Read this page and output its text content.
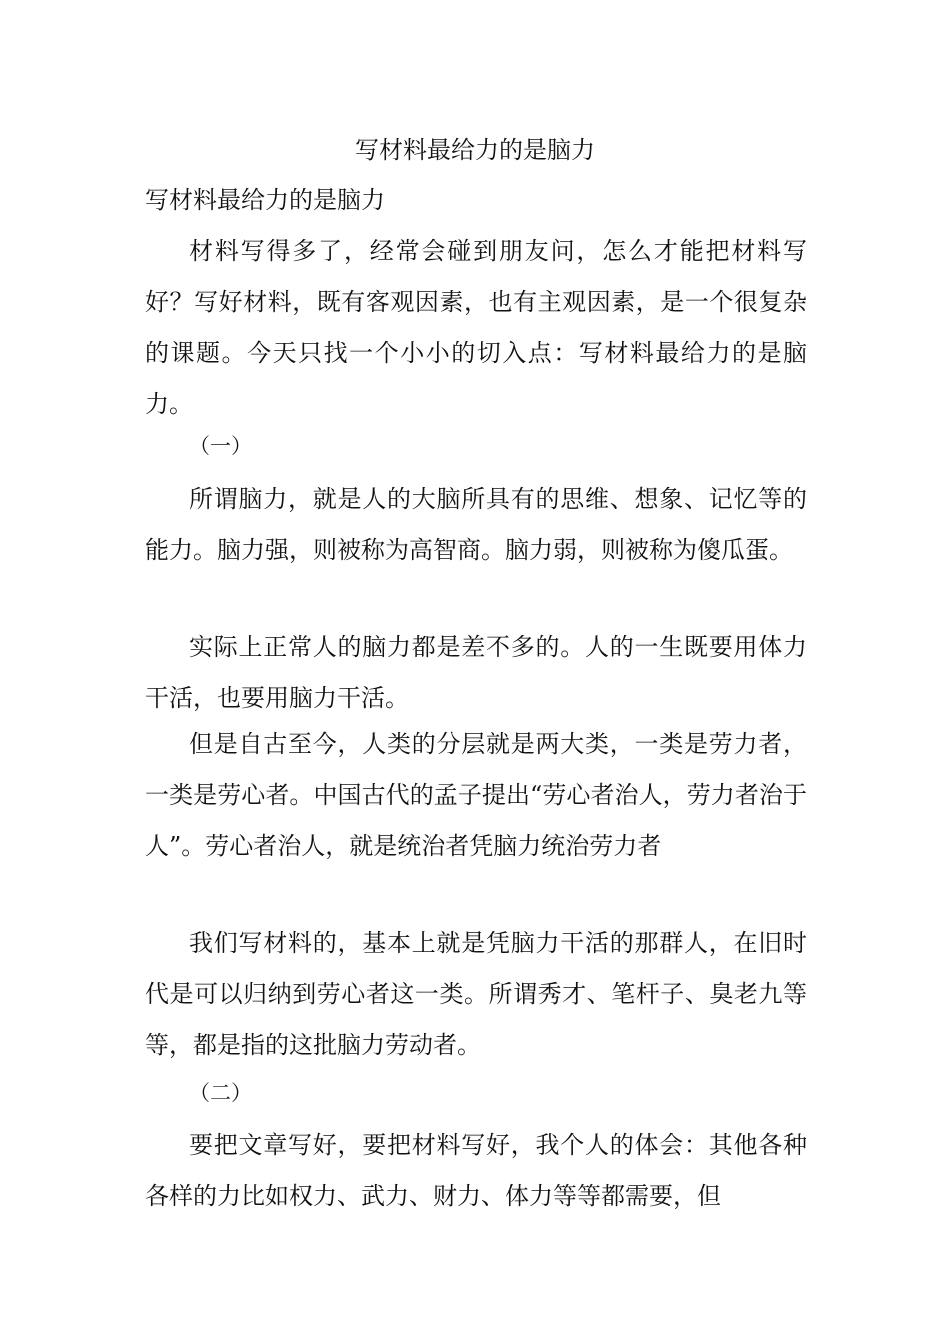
写材料最给力的是脑力

写材料最给力的是脑力

材料写得多了，经常会碰到朋友问，怎么才能把材料写好？写好材料，既有客观因素，也有主观因素，是一个很复杂的课题。今天只找一个小小的切入点：写材料最给力的是脑力。

（一）

所谓脑力，就是人的大脑所具有的思维、想象、记忆等的能力。脑力强，则被称为高智商。脑力弱，则被称为傻瓜蛋。

实际上正常人的脑力都是差不多的。人的一生既要用体力干活，也要用脑力干活。

但是自古至今，人类的分层就是两大类，一类是劳力者，一类是劳心者。中国古代的孟子提出“劳心者治人，劳力者治于人”。劳心者治人，就是统治者凭脑力统治劳力者

我们写材料的，基本上就是凭脑力干活的那群人，在旧时代是可以归纳到劳心者这一类。所谓秀才、笔杆子、臭老九等等，都是指的这批脑力劳动者。

（二）

要把文章写好，要把材料写好，我个人的体会：其他各种各样的力比如权力、武力、财力、体力等等都需要，但
